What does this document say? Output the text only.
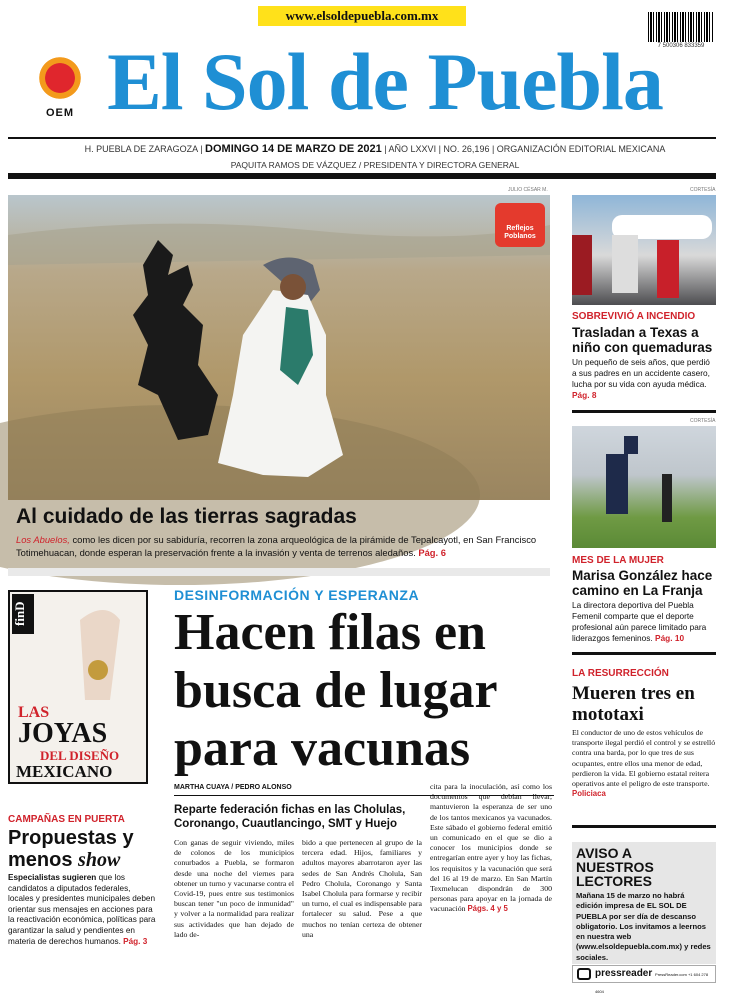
www.elsoldepuebla.com.mx
7 500306 833359
OEM El Sol de Puebla
H. PUEBLA DE ZARAGOZA | DOMINGO 14 DE MARZO DE 2021 | AÑO LXXVI | NO. 26,196 | ORGANIZACIÓN EDITORIAL MEXICANA
PAQUITA RAMOS DE VÁZQUEZ / PRESIDENTA Y DIRECTORA GENERAL
JULIO CÉSAR M.
Reflejos Poblanos
Al cuidado de las tierras sagradas
Los Abuelos, como les dicen por su sabiduría, recorren la zona arqueológica de la pirámide de Tepalcayotl, en San Francisco Totimehuacan, donde esperan la preservación frente a la invasión y venta de terrenos aledaños. Pág. 6
CORTESÍA
SOBREVIVIÓ A INCENDIO
Trasladan a Texas a niño con quemaduras
Un pequeño de seis años, que perdió a sus padres en un accidente casero, lucha por su vida con ayuda médica. Pág. 8
CORTESÍA
MES DE LA MUJER
Marisa González hace camino en La Franja
La directora deportiva del Puebla Femenil comparte que el deporte profesional aún parece limitado para liderazgos femeninos. Pág. 10
LA RESURRECCIÓN
Mueren tres en mototaxi
El conductor de uno de estos vehículos de transporte ilegal perdió el control y se estrelló contra una barda, por lo que tres de sus ocupantes, entre ellos una menor de edad, perdieron la vida. El gobierno estatal reitera operativos ante el peligro de este transporte. Policiaca
AVISO A NUESTROS LECTORES
Mañana 15 de marzo no habrá edición impresa de EL SOL DE PUEBLA por ser día de descanso obligatorio. Los invitamos a leernos en nuestra web (www.elsoldepuebla.com.mx) y redes sociales.
pressreader PressReader.com +1 604 278 4604
finD
LAS
JOYAS
DEL DISEÑO
MEXICANO
CAMPAÑAS EN PUERTA
Propuestas y
menos show
Especialistas sugieren que los candidatos a diputados federales, locales y presidentes municipales deben orientar sus mensajes en acciones para la reactivación económica, políticas para garantizar la salud y pendientes en materia de derechos humanos. Pág. 3
DESINFORMACIÓN Y ESPERANZA
Hacen filas en busca de lugar para vacunas
MARTHA CUAYA / PEDRO ALONSO
Reparte federación fichas en las Cholulas, Coronango, Cuautlancingo, SMT y Huejo
Con ganas de seguir viviendo, miles de colonos de los municipios conurbados a Puebla, se formaron desde una noche del viernes para obtener un turno y vacunarse contra el Covid-19, pues entre sus testimonios buscan tener "un poco de inmunidad" y volver a la normalidad para realizar sus actividades que han dejado de lado de-
bido a que pertenecen al grupo de la tercera edad. Hijos, familiares y adultos mayores abarrotaron ayer las sedes de San Andrés Cholula, San Pedro Cholula, Coronango y Santa Isabel Cholula para formarse y recibir un turno, el cual es indispensable para fortalecer su salud. Pese a que muchos no tenían certeza de obtener una
cita para la inoculación, así como los documentos que debían llevar, mantuvieron la esperanza de ser uno de los tantos mexicanos ya vacunados. Este sábado el gobierno federal emitió un comunicado en el que se dio a conocer los municipios donde se entregarían entre ayer y hoy las fichas, los requisitos y la vacunación que será del 16 al 19 de marzo. En San Martín Texmelucan dispondrán de 300 personas para apoyar en la jornada de vacunación Págs. 4 y 5
